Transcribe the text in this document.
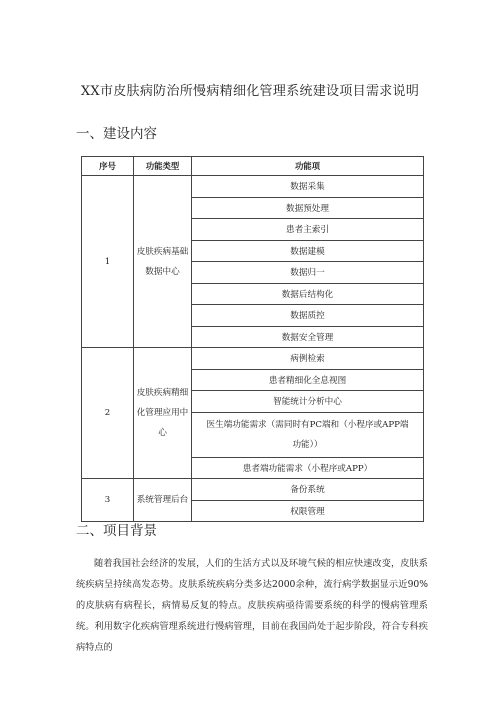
XX市皮肤病防治所慢病精细化管理系统建设项目需求说明
一、建设内容
序号	功能类型	功能项
1	皮肤疾病基础数据中心	数据采集
		数据预处理
		患者主索引
		数据建模
		数据归一
		数据后结构化
		数据质控
		数据安全管理
2	皮肤疾病精细化管理应用中心	病例检索
		患者精细化全息视图
		智能统计分析中心
		医生端功能需求（需同时有PC端和（小程序或APP端功能））
		患者端功能需求（小程序或APP）
3	系统管理后台	备份系统
		权限管理
二、项目背景

随着我国社会经济的发展，人们的生活方式以及环境气候的相应快速改变，皮肤系统疾病呈持续高发态势。皮肤系统疾病分类多达2000余种，流行病学数据显示近90%的皮肤病有病程长，病情易反复的特点。皮肤疾病亟待需要系统的科学的慢病管理系统。利用数字化疾病管理系统进行慢病管理，目前在我国尚处于起步阶段，符合专科疾病特点的
